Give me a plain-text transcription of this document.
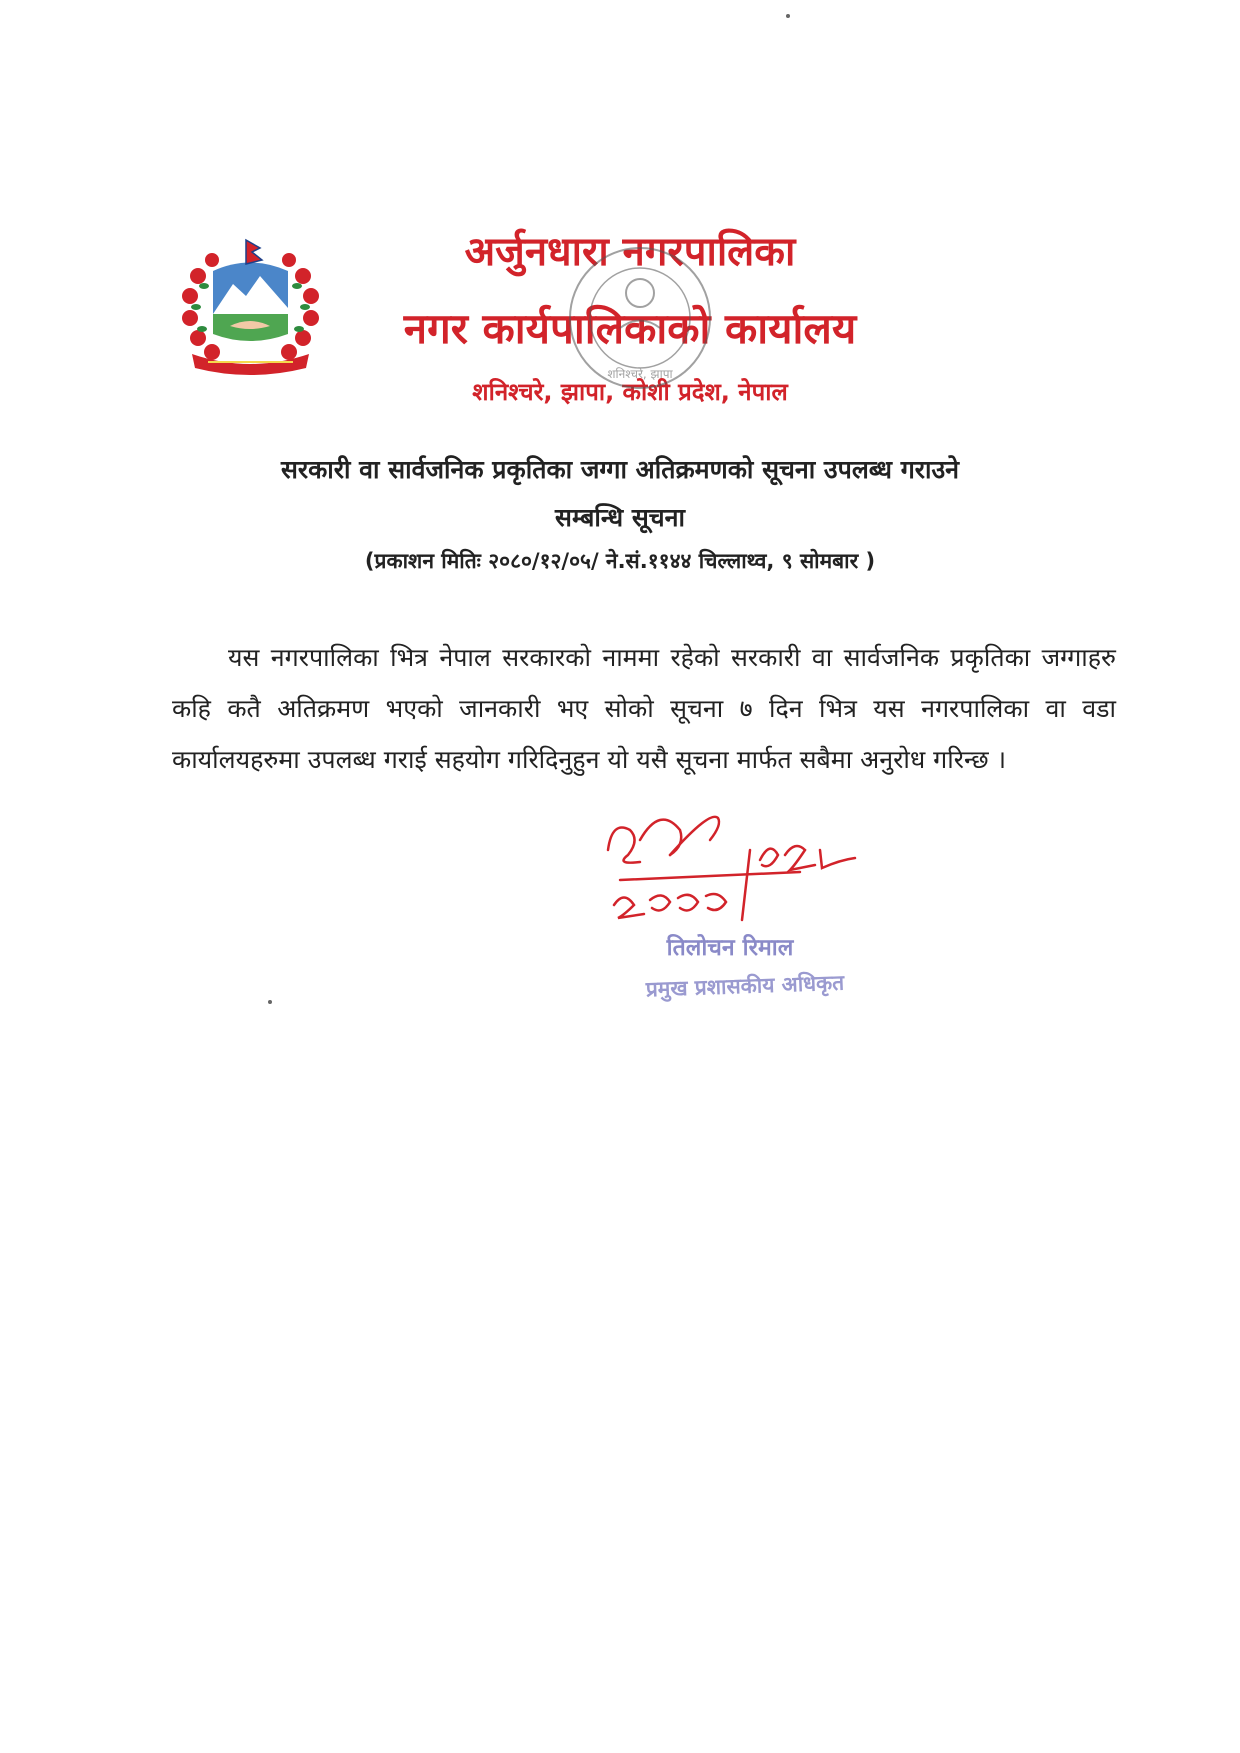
अर्जुनधारा नगरपालिका
नगर कार्यपालिकाको कार्यालय
शनिश्चरे, झापा, कोशी प्रदेश, नेपाल
शनिश्चरे, झापा
सरकारी वा सार्वजनिक प्रकृतिका जग्गा अतिक्रमणको सूचना उपलब्ध गराउने
सम्बन्धि सूचना
(प्रकाशन मितिः २०८०/१२/०५/ ने.सं.११४४ चिल्लाथ्व, ९ सोमबार )
यस नगरपालिका भित्र नेपाल सरकारको नाममा रहेको सरकारी वा सार्वजनिक प्रकृतिका जग्गाहरु कहि कतै अतिक्रमण भएको जानकारी भए सोको सूचना ७ दिन भित्र यस नगरपालिका वा वडा कार्यालयहरुमा उपलब्ध गराई सहयोग गरिदिनुहुन यो यसै सूचना मार्फत सबैमा अनुरोध गरिन्छ ।
२०८० १२।५
तिलोचन रिमाल
प्रमुख प्रशासकीय अधिकृत
